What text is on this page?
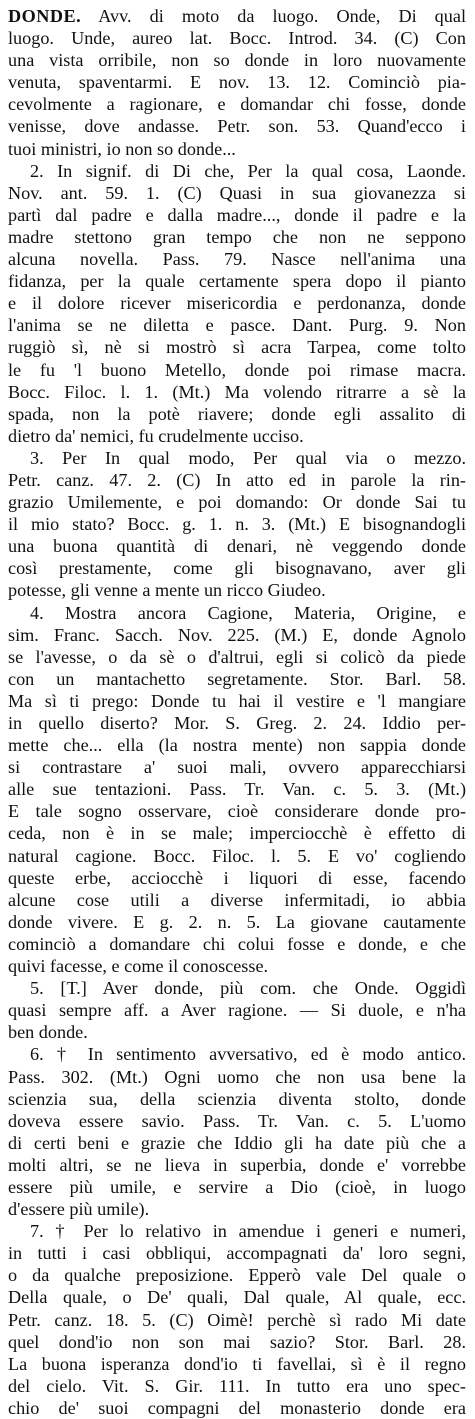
DONDE. Avv. di moto da luogo. Onde, Di qual
luogo. Unde, aureo lat. Bocc. Introd. 34. (C) Con
una vista orribile, non so donde in loro nuovamente
venuta, spaventarmi. E nov. 13. 12. Cominciò pia-
cevolmente a ragionare, e domandar chi fosse, donde
venisse, dove andasse. Petr. son. 53. Quand'ecco i
tuoi ministri, io non so donde...
2. In signif. di Di che, Per la qual cosa, Laonde.
Nov. ant. 59. 1. (C) Quasi in sua giovanezza si
partì dal padre e dalla madre..., donde il padre e la
madre stettono gran tempo che non ne seppono
alcuna novella. Pass. 79. Nasce nell'anima una
fidanza, per la quale certamente spera dopo il pianto
e il dolore ricever misericordia e perdonanza, donde
l'anima se ne diletta e pasce. Dant. Purg. 9. Non
ruggiò sì, nè si mostrò sì acra Tarpea, come tolto
le fu 'l buono Metello, donde poi rimase macra.
Bocc. Filoc. l. 1. (Mt.) Ma volendo ritrarre a sè la
spada, non la potè riavere; donde egli assalito di
dietro da' nemici, fu crudelmente ucciso.
3. Per In qual modo, Per qual via o mezzo.
Petr. canz. 47. 2. (C) In atto ed in parole la rin-
grazio Umilemente, e poi domando: Or donde Sai tu
il mio stato? Bocc. g. 1. n. 3. (Mt.) E bisognandogli
una buona quantità di denari, nè veggendo donde
così prestamente, come gli bisognavano, aver gli
potesse, gli venne a mente un ricco Giudeo.
4. Mostra ancora Cagione, Materia, Origine, e
sim. Franc. Sacch. Nov. 225. (M.) E, donde Agnolo
se l'avesse, o da sè o d'altrui, egli si colicò da piede
con un mantachetto segretamente. Stor. Barl. 58.
Ma sì ti prego: Donde tu hai il vestire e 'l mangiare
in quello diserto? Mor. S. Greg. 2. 24. Iddio per-
mette che... ella (la nostra mente) non sappia donde
si contrastare a' suoi mali, ovvero apparecchiarsi
alle sue tentazioni. Pass. Tr. Van. c. 5. 3. (Mt.)
E tale sogno osservare, cioè considerare donde pro-
ceda, non è in se male; imperciocchè è effetto di
natural cagione. Bocc. Filoc. l. 5. E vo' cogliendo
queste erbe, acciocchè i liquori di esse, facendo
alcune cose utili a diverse infermitadi, io abbia
donde vivere. E g. 2. n. 5. La giovane cautamente
cominciò a domandare chi colui fosse e donde, e che
quivi facesse, e come il conoscesse.
5. [T.] Aver donde, più com. che Onde. Oggidì
quasi sempre aff. a Aver ragione. — Si duole, e n'ha
ben donde.
6. † In sentimento avversativo, ed è modo antico.
Pass. 302. (Mt.) Ogni uomo che non usa bene la
scienzia sua, della scienzia diventa stolto, donde
doveva essere savio. Pass. Tr. Van. c. 5. L'uomo
di certi beni e grazie che Iddio gli ha date più che a
molti altri, se ne lieva in superbia, donde e' vorrebbe
essere più umile, e servire a Dio (cioè, in luogo
d'essere più umile).
7. † Per lo relativo in amendue i generi e numeri,
in tutti i casi obbliqui, accompagnati da' loro segni,
o da qualche preposizione. Epperò vale Del quale o
Della quale, o De' quali, Dal quale, Al quale, ecc.
Petr. canz. 18. 5. (C) Oimè! perchè sì rado Mi date
quel dond'io non son mai sazio? Stor. Barl. 28.
La buona isperanza dond'io ti favellai, sì è il regno
del cielo. Vit. S. Gir. 111. In tutto era uno spec-
chio de' suoi compagni del monasterio donde era
